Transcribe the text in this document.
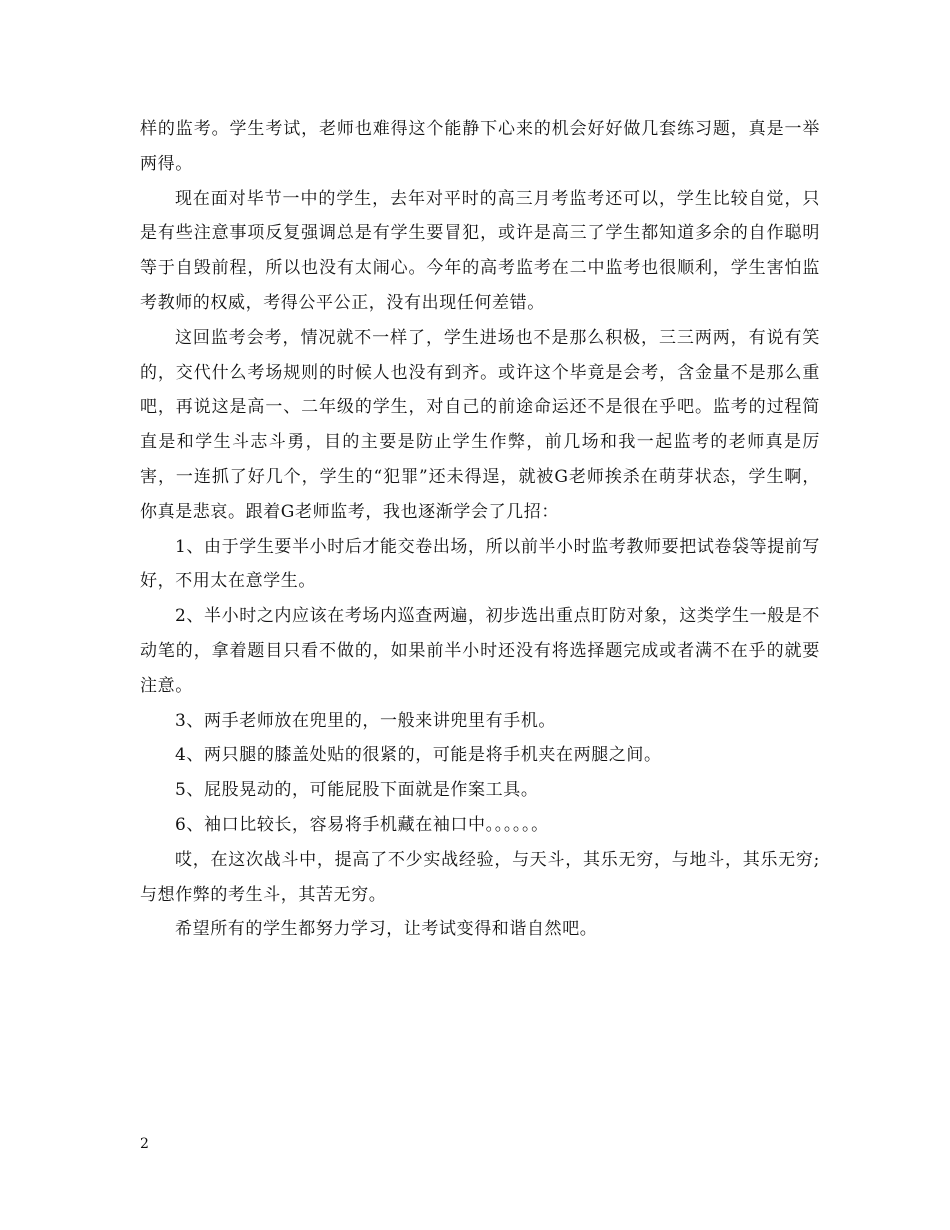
样的监考。学生考试，老师也难得这个能静下心来的机会好好做几套练习题，真是一举两得。

现在面对毕节一中的学生，去年对平时的高三月考监考还可以，学生比较自觉，只是有些注意事项反复强调总是有学生要冒犯，或许是高三了学生都知道多余的自作聪明等于自毁前程，所以也没有太闹心。今年的高考监考在二中监考也很顺利，学生害怕监考教师的权威，考得公平公正，没有出现任何差错。

这回监考会考，情况就不一样了，学生进场也不是那么积极，三三两两，有说有笑的，交代什么考场规则的时候人也没有到齐。或许这个毕竟是会考，含金量不是那么重吧，再说这是高一、二年级的学生，对自己的前途命运还不是很在乎吧。监考的过程简直是和学生斗志斗勇，目的主要是防止学生作弊，前几场和我一起监考的老师真是厉害，一连抓了好几个，学生的“犯罪”还未得逞，就被G老师挨杀在萌芽状态，学生啊，你真是悲哀。跟着G老师监考，我也逐渐学会了几招：

1、由于学生要半小时后才能交卷出场，所以前半小时监考教师要把试卷袋等提前写好，不用太在意学生。

2、半小时之内应该在考场内巡查两遍，初步选出重点盯防对象，这类学生一般是不动笔的，拿着题目只看不做的，如果前半小时还没有将选择题完成或者满不在乎的就要注意。

3、两手老师放在兜里的，一般来讲兜里有手机。

4、两只腿的膝盖处贴的很紧的，可能是将手机夹在两腿之间。

5、屁股晃动的，可能屁股下面就是作案工具。

6、袖口比较长，容易将手机藏在袖口中。。。。。。

哎，在这次战斗中，提高了不少实战经验，与天斗，其乐无穷，与地斗，其乐无穷;与想作弊的考生斗，其苦无穷。

希望所有的学生都努力学习，让考试变得和谐自然吧。

2
